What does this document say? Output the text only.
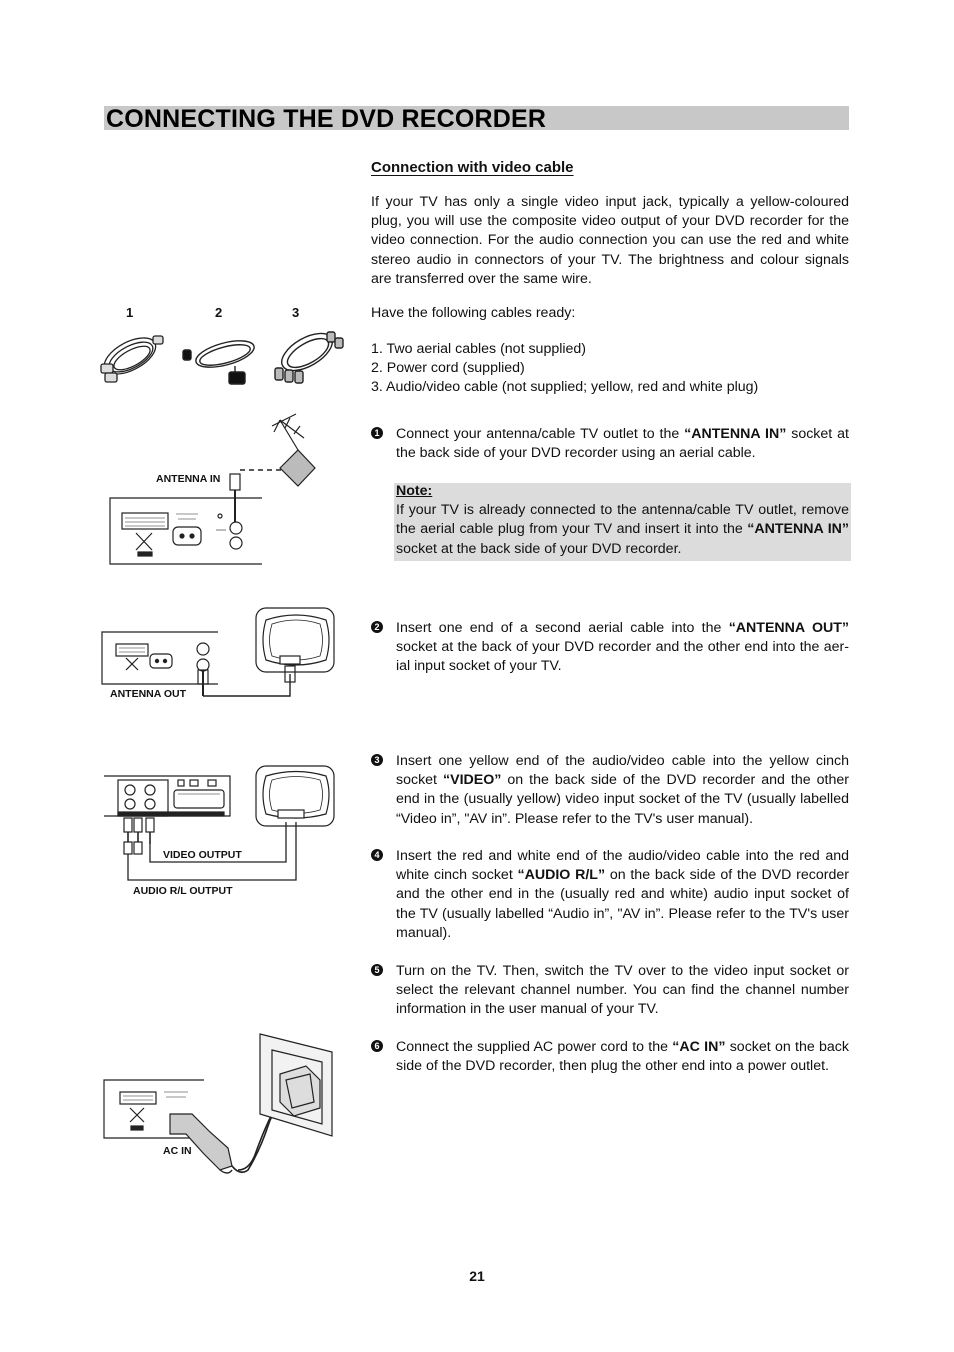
CONNECTING THE DVD RECORDER
Connection with video cable
If your TV has only a single video input jack, typically a yellow-coloured plug, you will use the composite video output of your DVD recorder for the video connection. For the audio connection you can use the red and white stereo audio in connectors of your TV. The brightness and colour signals are transferred over the same wire.
Have the following cables ready:
1. Two aerial cables (not supplied)
2. Power cord (supplied)
3. Audio/video cable (not supplied; yellow, red and white plug)
1 Connect your antenna/cable TV outlet to the “ANTENNA IN” socket at the back side of your DVD recorder using an aerial cable.
Note:
If your TV is already connected to the antenna/cable TV outlet, remove the aerial cable plug from your TV and insert it into the “ANTENNA IN” socket at the back side of your DVD recorder.
2 Insert one end of a second aerial cable into the “ANTENNA OUT” socket at the back of your DVD recorder and the other end into the aer-ial input socket of your TV.
3 Insert one yellow end of the audio/video cable into the yellow cinch socket “VIDEO” on the back side of the DVD recorder and the other end in the (usually yellow) video input socket of the TV (usually labelled “Video in”, "AV in”. Please refer to the TV's user manual).
4 Insert the red and white end of the audio/video cable into the red and white cinch socket “AUDIO R/L” on the back side of the DVD recorder and the other end in the (usually red and white) audio input socket of the TV (usually labelled “Audio in”, "AV in”. Please refer to the TV's user manual).
5 Turn on the TV. Then, switch the TV over to the video input socket or select the relevant channel number. You can find the channel number information in the user manual of your TV.
6 Connect the supplied AC power cord to the “AC IN” socket on the back side of the DVD recorder, then plug the other end into a power outlet.
1	2	3
ANTENNA IN
ANTENNA OUT
VIDEO OUTPUT
AUDIO R/L OUTPUT
AC IN
21
